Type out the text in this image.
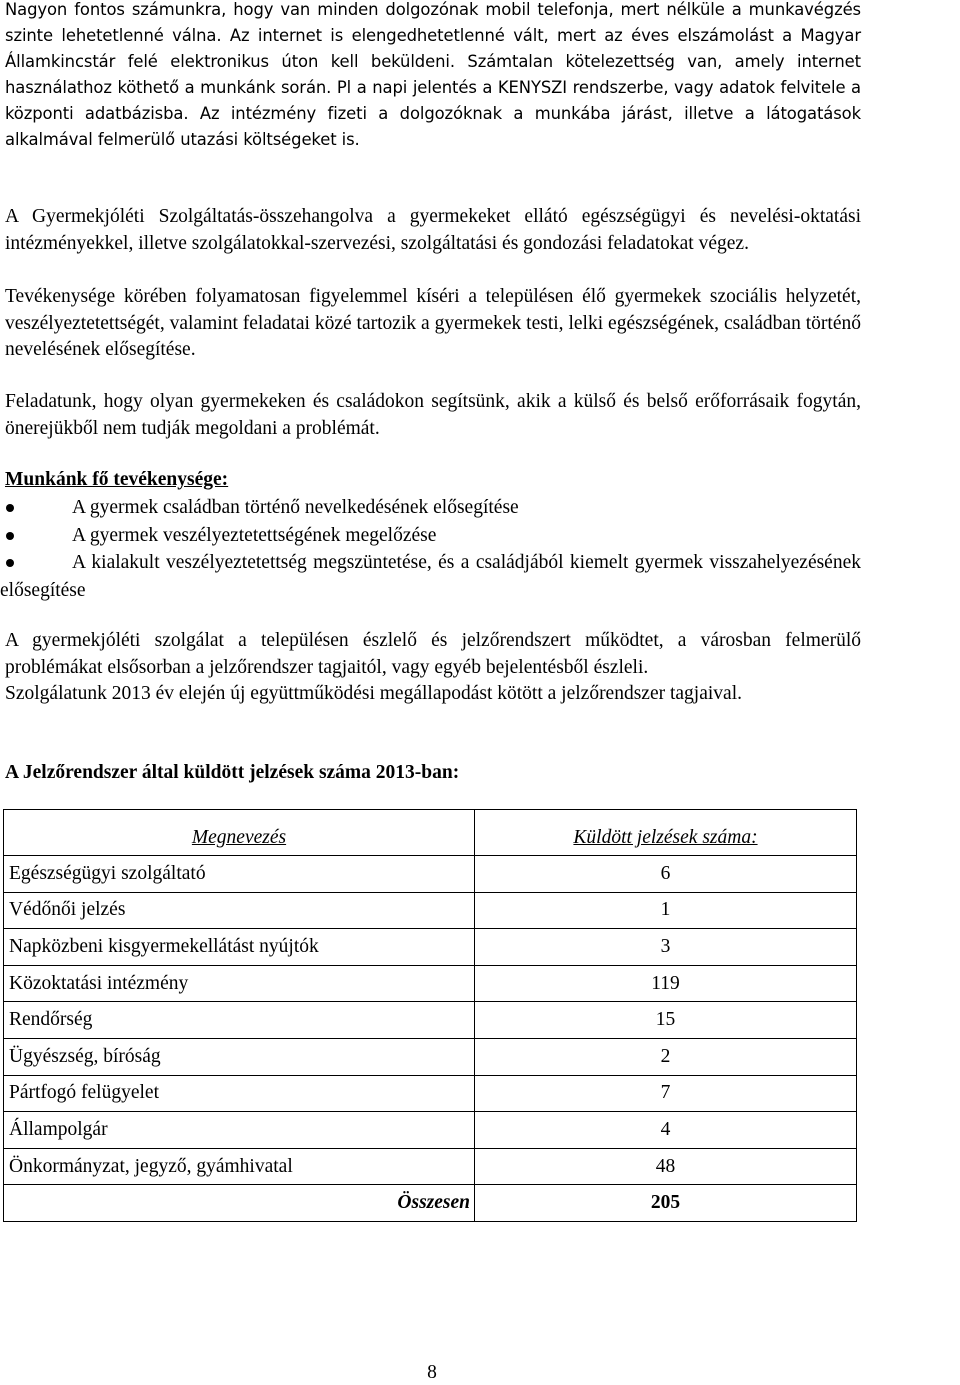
Nagyon fontos számunkra, hogy van minden dolgozónak mobil telefonja, mert nélküle a munkavégzés szinte lehetetlenné válna. Az internet is elengedhetetlenné vált, mert az éves elszámolást a Magyar Államkincstár felé elektronikus úton kell beküldeni. Számtalan kötelezettség van, amely internet használathoz köthető a munkánk során. Pl a napi jelentés a KENYSZI rendszerbe, vagy adatok felvitele a központi adatbázisba. Az intézmény fizeti a dolgozóknak a munkába járást, illetve a látogatások alkalmával felmerülő utazási költségeket is.

A Gyermekjóléti Szolgáltatás-összehangolva a gyermekeket ellátó egészségügyi és nevelési-oktatási intézményekkel, illetve szolgálatokkal-szervezési, szolgáltatási és gondozási feladatokat végez.

Tevékenysége körében folyamatosan figyelemmel kíséri a településen élő gyermekek szociális helyzetét, veszélyeztetettségét, valamint feladatai közé tartozik a gyermekek testi, lelki egészségének, családban történő nevelésének elősegítése.

Feladatunk, hogy olyan gyermekeken és családokon segítsünk, akik a külső és belső erőforrásaik fogytán, önerejükből nem tudják megoldani a problémát.

Munkánk fő tevékenysége:
A gyermek családban történő nevelkedésének elősegítése
A gyermek veszélyeztetettségének megelőzése
A kialakult veszélyeztetettség megszüntetése, és a családjából kiemelt gyermek visszahelyezésének elősegítése

A gyermekjóléti szolgálat a településen észlelő és jelzőrendszert működtet, a városban felmerülő problémákat elsősorban a jelzőrendszer tagjaitól, vagy egyéb bejelentésből észleli.

Szolgálatunk 2013 év elején új együttműködési megállapodást kötött a jelzőrendszer tagjaival.

A Jelzőrendszer által küldött jelzések száma 2013-ban:
Megnevezés	Küldött jelzések száma:
Egészségügyi szolgáltató	6
Védőnői jelzés	1
Napközbeni kisgyermekellátást nyújtók	3
Közoktatási intézmény	119
Rendőrség	15
Ügyészség, bíróság	2
Pártfogó felügyelet	7
Állampolgár	4
Önkormányzat, jegyző, gyámhivatal	48
Összesen	205
8
